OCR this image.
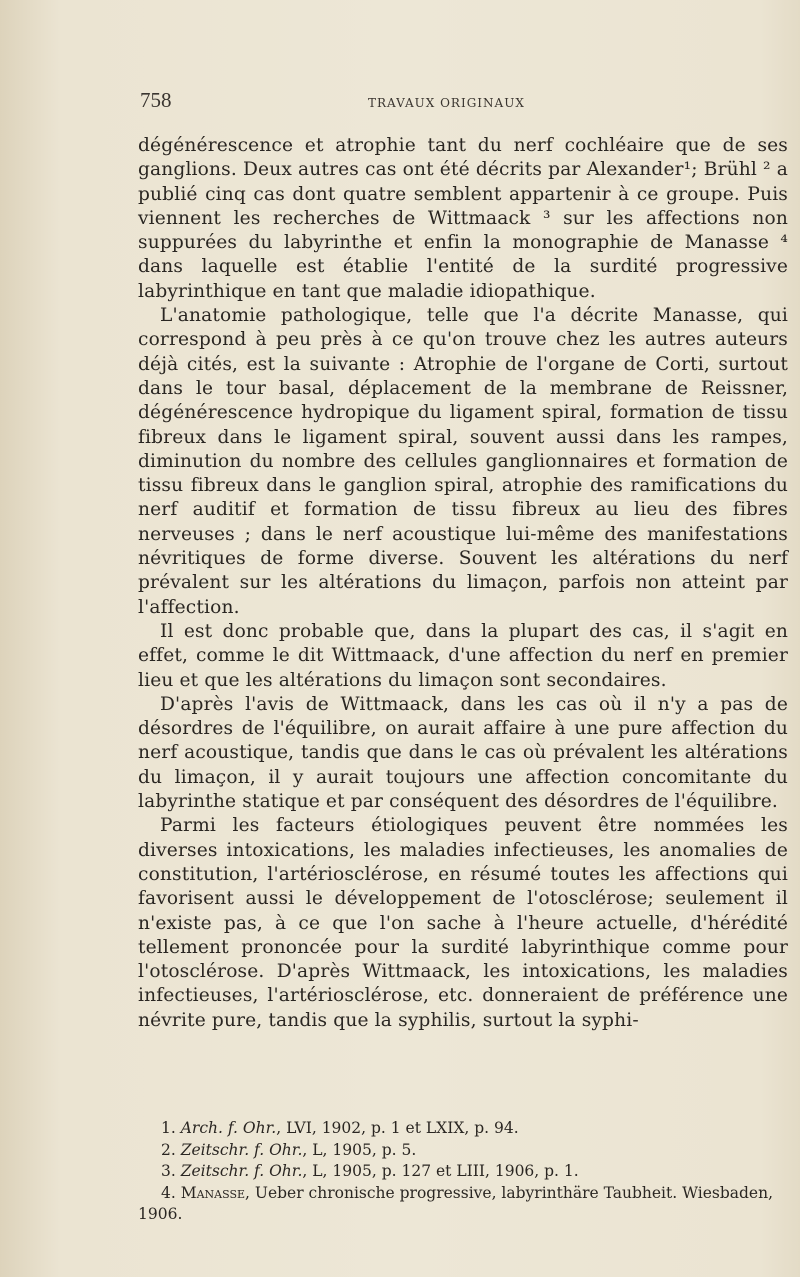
758	TRAVAUX ORIGINAUX

dégénérescence et atrophie tant du nerf cochléaire que de ses ganglions. Deux autres cas ont été décrits par Alexander¹; Brühl ² a publié cinq cas dont quatre semblent appartenir à ce groupe. Puis viennent les recherches de Wittmaack ³ sur les affections non suppurées du labyrinthe et enfin la monographie de Manasse ⁴ dans laquelle est établie l'entité de la surdité progressive labyrinthique en tant que maladie idiopathique.

L'anatomie pathologique, telle que l'a décrite Manasse, qui correspond à peu près à ce qu'on trouve chez les autres auteurs déjà cités, est la suivante : Atrophie de l'organe de Corti, surtout dans le tour basal, déplacement de la membrane de Reissner, dégénérescence hydropique du ligament spiral, formation de tissu fibreux dans le ligament spiral, souvent aussi dans les rampes, diminution du nombre des cellules ganglionnaires et formation de tissu fibreux dans le ganglion spiral, atrophie des ramifications du nerf auditif et formation de tissu fibreux au lieu des fibres nerveuses ; dans le nerf acoustique lui-même des manifestations névritiques de forme diverse. Souvent les altérations du nerf prévalent sur les altérations du limaçon, parfois non atteint par l'affection.

Il est donc probable que, dans la plupart des cas, il s'agit en effet, comme le dit Wittmaack, d'une affection du nerf en premier lieu et que les altérations du limaçon sont secondaires.

D'après l'avis de Wittmaack, dans les cas où il n'y a pas de désordres de l'équilibre, on aurait affaire à une pure affection du nerf acoustique, tandis que dans le cas où prévalent les altérations du limaçon, il y aurait toujours une affection concomitante du labyrinthe statique et par conséquent des désordres de l'équilibre.

Parmi les facteurs étiologiques peuvent être nommées les diverses intoxications, les maladies infectieuses, les anomalies de constitution, l'artériosclérose, en résumé toutes les affections qui favorisent aussi le développement de l'otosclérose; seulement il n'existe pas, à ce que l'on sache à l'heure actuelle, d'hérédité tellement prononcée pour la surdité labyrinthique comme pour l'otosclérose. D'après Wittmaack, les intoxications, les maladies infectieuses, l'artériosclérose, etc. donneraient de préférence une névrite pure, tandis que la syphilis, surtout la syphi-

1. Arch. f. Ohr., LVI, 1902, p. 1 et LXIX, p. 94.
2. Zeitschr. f. Ohr., L, 1905, p. 5.
3. Zeitschr. f. Ohr., L, 1905, p. 127 et LIII, 1906, p. 1.
4. Manasse, Ueber chronische progressive, labyrinthäre Taubheit. Wiesbaden, 1906.
